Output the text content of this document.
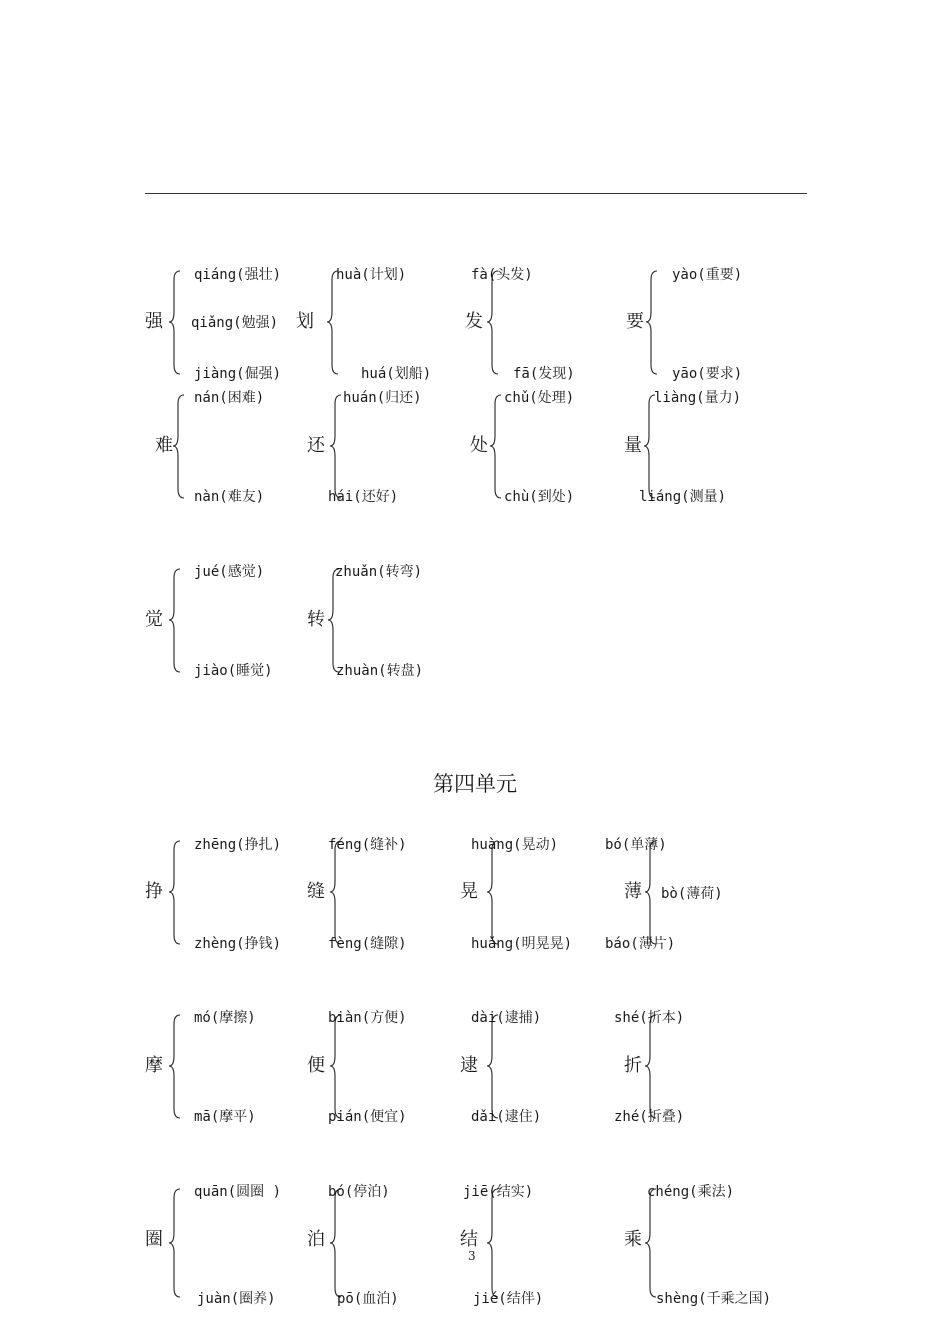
强
qiáng(强壮)
qiǎng(勉强)
jiàng(倔强)
划
huà(计划)
huá(划船)
发
fà(头发)
fā(发现)
要
yào(重要)
yāo(要求)
难
nán(困难)
nàn(难友)
还
huán(归还)
hái(还好)
处
chǔ(处理)
chù(到处)
量
liàng(量力)
liáng(测量)
觉
jué(感觉)
jiào(睡觉)
转
zhuǎn(转弯)
zhuàn(转盘)
第四单元
挣
zhēng(挣扎)
zhèng(挣钱)
缝
féng(缝补)
fèng(缝隙)
晃
huàng(晃动)
huǎng(明晃晃)
薄
bó(单薄)
bò(薄荷)
báo(薄片)
摩
mó(摩擦)
mā(摩平)
便
biàn(方便)
pián(便宜)
逮
dài(逮捕)
dǎi(逮住)
折
shé(折本)
zhé(折叠)
圈
quān(圆圈 )
juàn(圈养)
泊
bó(停泊)
pō(血泊)
结
jiē(结实)
jié(结伴)
乘
chéng(乘法)
shèng(千乘之国)
3
